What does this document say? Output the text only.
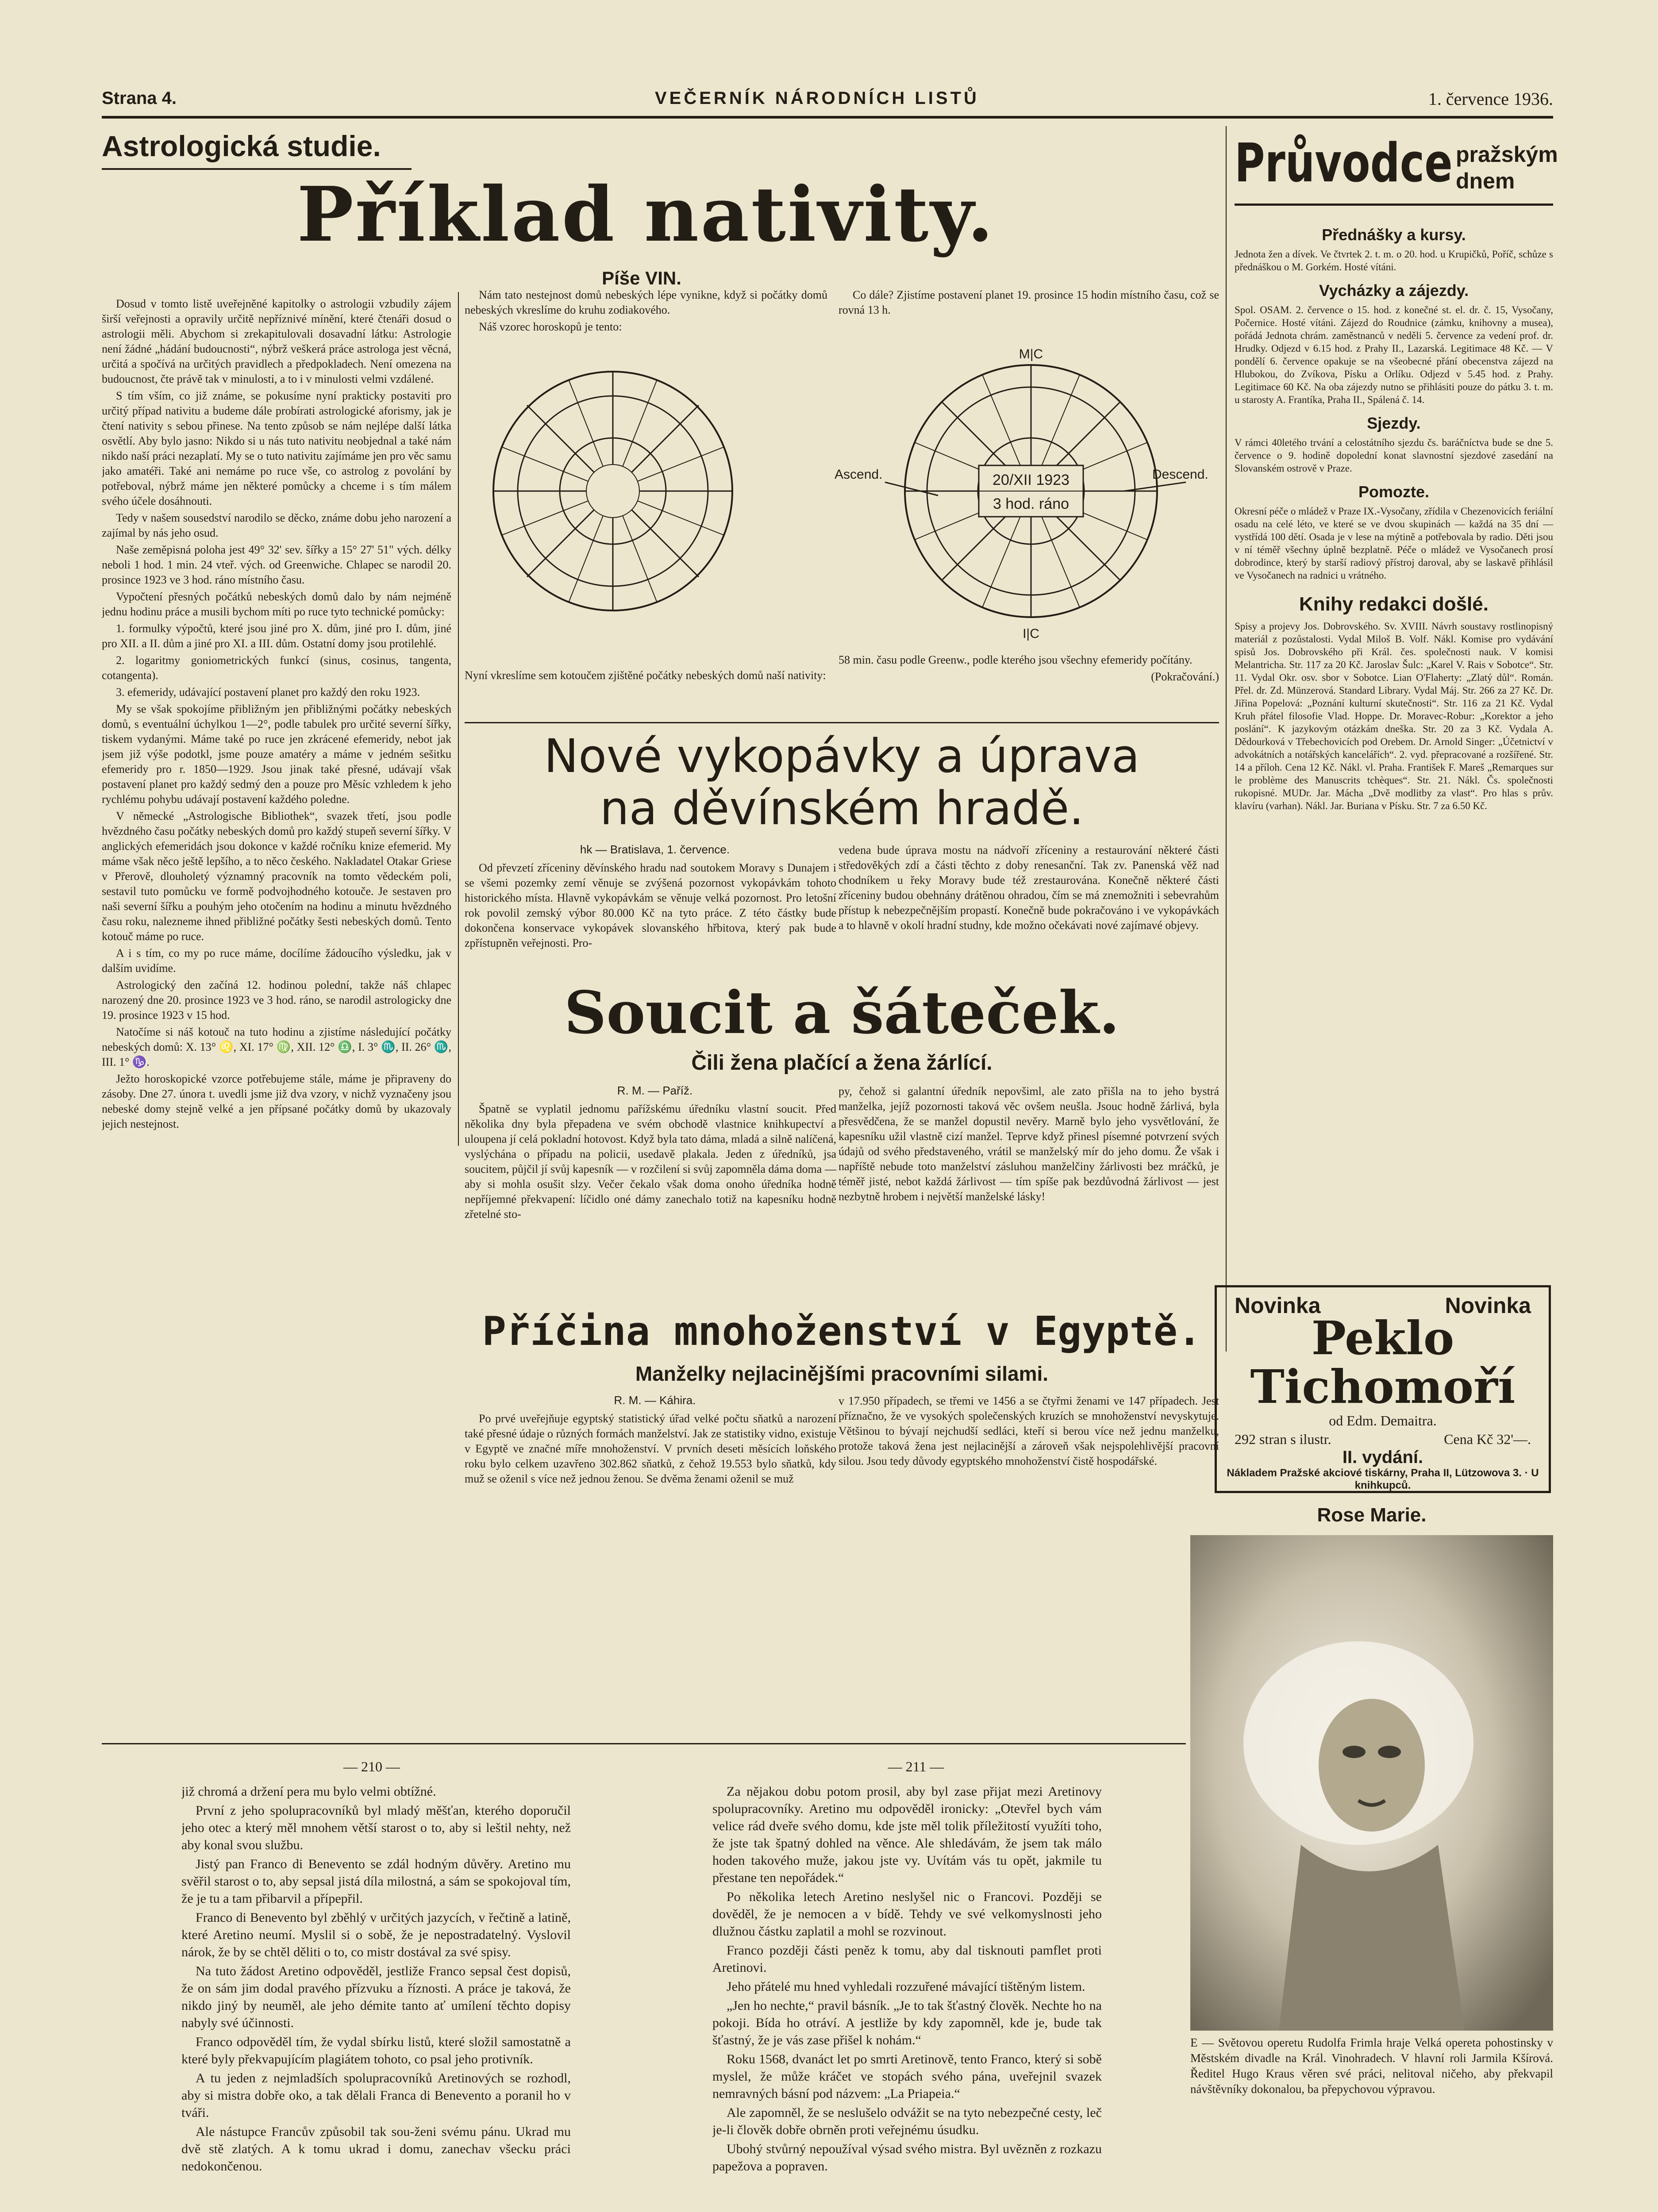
Strana 4.	VEČERNÍK NÁRODNÍCH LISTŮ	1. července 1936.
Astrologická studie.
Příklad nativity.
Píše VIN.

Dosud v tomto listě uveřejněné kapitolky o astrologii vzbudily zájem širší veřejnosti a opravily určitě nepříznivé mínění, které čtenáři dosud o astrologii měli. Abychom si zrekapitulovali dosavadní látku: Astrologie není žádné „hádání budoucnosti“, nýbrž veškerá práce astrologa jest věcná, určitá a spočívá na určitých pravidlech a předpokladech. Není omezena na budoucnost, čte právě tak v minulosti, a to i v minulosti velmi vzdálené.

S tím vším, co již známe, se pokusíme nyní prakticky postaviti pro určitý případ nativitu a budeme dále probírati astrologické aforismy, jak je čtení nativity s sebou přinese. Na tento způsob se nám nejlépe další látka osvětlí. Aby bylo jasno: Nikdo si u nás tuto nativitu neobjednal a také nám nikdo naší práci nezaplatí. My se o tuto nativitu zajímáme jen pro věc samu jako amatéři. Také ani nemáme po ruce vše, co astrolog z povolání by potřeboval, nýbrž máme jen některé pomůcky a chceme i s tím málem svého účele dosáhnouti.

Tedy v našem sousedství narodilo se děcko, známe dobu jeho narození a zajímal by nás jeho osud.

Naše zeměpisná poloha jest 49° 32' sev. šířky a 15° 27' 51" vých. délky neboli 1 hod. 1 min. 24 vteř. vých. od Greenwiche. Chlapec se narodil 20. prosince 1923 ve 3 hod. ráno místního času.

Vypočtení přesných počátků nebeských domů dalo by nám nejméně jednu hodinu práce a musili bychom míti po ruce tyto technické pomůcky:

1. formulky výpočtů, které jsou jiné pro X. dům, jiné pro I. dům, jiné pro XII. a II. dům a jiné pro XI. a III. dům. Ostatní domy jsou protilehlé.

2. logaritmy goniometrických funkcí (sinus, cosinus, tangenta, cotangenta).

3. efemeridy, udávající postavení planet pro každý den roku 1923.

My se však spokojíme přibližným jen přibližnými počátky nebeských domů, s eventuální úchylkou 1—2°, podle tabulek pro určité severní šířky, tiskem vydanými. Máme také po ruce jen zkrácené efemeridy, nebot jak jsem již výše podotkl, jsme pouze amatéry a máme v jedném sešitku efemeridy pro r. 1850—1929. Jsou jinak také přesné, udávají však postavení planet pro každý sedmý den a pouze pro Měsíc vzhledem k jeho rychlému pohybu udávají postavení každého poledne.

V německé „Astrologische Bibliothek“, svazek třetí, jsou podle hvězdného času počátky nebeských domů pro každý stupeň severní šířky. V anglických efemeridách jsou dokonce v každé ročníku knize efemerid. My máme však něco ještě lepšího, a to něco českého. Nakladatel Otakar Griese v Přerově, dlouholetý významný pracovník na tomto vědeckém poli, sestavil tuto pomůcku ve formě podvojhodného kotouče. Je sestaven pro naši severní šířku a pouhým jeho otočením na hodinu a minutu hvězdného času roku, nalezneme ihned přibližné počátky šesti nebeských domů. Tento kotouč máme po ruce.

A i s tím, co my po ruce máme, docílíme žádoucího výsledku, jak v dalším uvidíme.

Astrologický den začíná 12. hodinou polední, takže náš chlapec narozený dne 20. prosince 1923 ve 3 hod. ráno, se narodil astrologicky dne 19. prosince 1923 v 15 hod.

Natočíme si náš kotouč na tuto hodinu a zjistíme následující počátky nebeských domů: X. 13° ♌, XI. 17° ♍, XII. 12° ♎, I. 3° ♏, II. 26° ♏, III. 1° ♑.

Ježto horoskopické vzorce potřebujeme stále, máme je připraveny do zásoby. Dne 27. února t. uvedli jsme již dva vzory, v nichž vyznačeny jsou nebeské domy stejně velké a jen přípsané počátky domů by ukazovaly jejich nestejnost.

Nám tato nestejnost domů nebeských lépe vynikne, když si počátky domů nebeských vkreslíme do kruhu zodiakového.

Náš vzorec horoskopů je tento:

Nyní vkreslíme sem kotoučem zjištěné počátky nebeských domů naší nativity:

Co dále? Zjistíme postavení planet 19. prosince 15 hodin místního času, což se rovná 13 h.

20/XII 1923
3 hod. ráno
Ascend.	Descend.
M|C
I|C

58 min. času podle Greenw., podle kterého jsou všechny efemeridy počítány.

(Pokračování.)

Nové vykopávky a úprava
na děvínském hradě.
hk — Bratislava, 1. července.

Od převzetí zříceniny děvínského hradu nad soutokem Moravy s Dunajem i se všemi pozemky zemí věnuje se zvýšená pozornost vykopávkám tohoto historického místa. Hlavně vykopávkám se věnuje velká pozornost. Pro letošní rok povolil zemský výbor 80.000 Kč na tyto práce. Z této částky bude dokončena konservace vykopávek slovanského hřbitova, který pak bude zpřístupněn veřejnosti. Pro-

vedena bude úprava mostu na nádvoří zříceniny a restaurování některé části středověkých zdí a části těchto z doby renesanční. Tak zv. Panenská věž nad chodníkem u řeky Moravy bude též zrestaurována. Konečně některé části zříceniny budou obehnány drátěnou ohradou, čím se má znemožniti i sebevrahům přístup k nebezpečnějším propastí. Konečně bude pokračováno i ve vykopávkách a to hlavně v okolí hradní studny, kde možno očekávati nové zajímavé objevy.

Soucit a šáteček.
Čili žena plačící a žena žárlící.
R. M. — Paříž.

Špatně se vyplatil jednomu pařížskému úředníku vlastní soucit. Před několika dny byla přepadena ve svém obchodě vlastnice knihkupectví a uloupena jí celá pokladní hotovost. Když byla tato dáma, mladá a silně nalíčená, vyslýchána o případu na policii, usedavě plakala. Jeden z úředníků, jsa soucitem, půjčil jí svůj kapesník — v rozčilení si svůj zapomněla dáma doma — aby si mohla osušit slzy. Večer čekalo však doma onoho úředníka hodně nepříjemné překvapení: líčidlo oné dámy zanechalo totiž na kapesníku hodně zřetelné sto-

py, čehož si galantní úředník nepovšiml, ale zato přišla na to jeho bystrá manželka, jejíž pozornosti taková věc ovšem neušla. Jsouc hodně žárlivá, byla přesvědčena, že se manžel dopustil nevěry. Marně bylo jeho vysvětlování, že kapesníku užil vlastně cizí manžel. Teprve když přinesl písemné potvrzení svých údajů od svého představeného, vrátil se manželský mír do jeho domu. Že však i napříště nebude toto manželství zásluhou manželčiny žárlivosti bez mráčků, je téměř jisté, nebot každá žárlivost — tím spíše pak bezdůvodná žárlivost — jest nezbytně hrobem i největší manželské lásky!

Příčina mnohoženství v Egyptě.
Manželky nejlacinějšími pracovními silami.
R. M. — Káhira.

Po prvé uveřejňuje egyptský statistický úřad velké počtu sňatků a narození také přesné údaje o různých formách manželství. Jak ze statistiky vidno, existuje v Egyptě ve značné míře mnohoženství. V prvních deseti měsících loňského roku bylo celkem uzavřeno 302.862 sňatků, z čehož 19.553 bylo sňatků, kdy muž se oženil s více než jednou ženou. Se dvěma ženami oženil se muž

v 17.950 případech, se třemi ve 1456 a se čtyřmi ženami ve 147 případech. Jest příznačno, že ve vysokých společenských kruzích se mnohoženství nevyskytuje. Většinou to bývají nejchudší sedláci, kteří si berou více než jednu manželku, protože taková žena jest nejlacinější a zároveň však nejspolehlivější pracovní silou. Jsou tedy důvody egyptského mnohoženství čistě hospodářské.

Průvodce pražským
dnem
Přednášky a kursy.
Jednota žen a dívek. Ve čtvrtek 2. t. m. o 20. hod. u Krupičků, Poříč, schůze s přednáškou o M. Gorkém. Hosté vítáni.
Vycházky a zájezdy.
Spol. OSAM. 2. července o 15. hod. z konečné st. el. dr. č. 15, Vysočany, Počernice. Hosté vítáni. Zájezd do Roudnice (zámku, knihovny a musea), pořádá Jednota chrám. zaměstnanců v neděli 5. července za vedení prof. dr. Hrudky. Odjezd v 6.15 hod. z Prahy II., Lazarská. Legitimace 48 Kč. — V pondělí 6. července opakuje se na všeobecné přání obecenstva zájezd na Hlubokou, do Zvíkova, Písku a Orlíku. Odjezd v 5.45 hod. z Prahy. Legitimace 60 Kč. Na oba zájezdy nutno se přihlásiti pouze do pátku 3. t. m. u starosty A. Frantíka, Praha II., Spálená č. 14.
Sjezdy.
V rámci 40letého trvání a celostátního sjezdu čs. baráčníctva bude se dne 5. července o 9. hodině dopolední konat slavnostní sjezdové zasedání na Slovanském ostrově v Praze.
Pomozte.
Okresní péče o mládež v Praze IX.-Vysočany, zřídila v Chezenovicích feriální osadu na celé léto, ve které se ve dvou skupinách — každá na 35 dní — vystřídá 100 dětí. Osada je v lese na mýtině a potřebovala by radio. Děti jsou v ní téměř všechny úplně bezplatně. Péče o mládež ve Vysočanech prosí dobrodince, který by starší radiový přístroj daroval, aby se laskavě přihlásil ve Vysočanech na radnici u vrátného.
Knihy redakci došlé.
Spisy a projevy Jos. Dobrovského. Sv. XVIII. Návrh soustavy rostlinopisný materiál z pozůstalosti. Vydal Miloš B. Volf. Nákl. Komise pro vydávání spisů Jos. Dobrovského při Král. čes. společnosti nauk. V komisi Melantricha. Str. 117 za 20 Kč. Jaroslav Šulc: „Karel V. Rais v Sobotce“. Str. 11. Vydal Okr. osv. sbor v Sobotce. Lian O'Flaherty: „Zlatý důl“. Román. Přel. dr. Zd. Münzerová. Standard Library. Vydal Máj. Str. 266 za 27 Kč. Dr. Jiřina Popelová: „Poznání kulturní skutečnosti“. Str. 116 za 21 Kč. Vydal Kruh přátel filosofie Vlad. Hoppe. Dr. Moravec-Robur: „Korektor a jeho poslání“. K jazykovým otázkám dneška. Str. 20 za 3 Kč. Vydala A. Dědourková v Třebechovicích pod Orebem. Dr. Arnold Singer: „Účetnictví v advokátních a notářských kancelářích“. 2. vyd. přepracované a rozšířené. Str. 14 a příloh. Cena 12 Kč. Nákl. vl. Praha. František F. Mareš „Remarques sur le problème des Manuscrits tchèques“. Str. 21. Nákl. Čs. společnosti rukopisné. MUDr. Jar. Mácha „Dvě modlitby za vlast“. Pro hlas s prův. klavíru (varhan). Nákl. Jar. Buriana v Písku. Str. 7 za 6.50 Kč.
Novinka	Novinka
Peklo
Tichomoří
od Edm. Demaitra.
292 stran s ilustr.	Cena Kč 32'—.
II. vydání.
Nákladem Pražské akciové tiskárny, Praha II, Lützowova 3. · U knihkupců.
Rose Marie.

E — Světovou operetu Rudolfa Frimla hraje Velká opereta pohostinsky v Městském divadle na Král. Vinohradech. V hlavní roli Jarmila Kšírová. Ředitel Hugo Kraus věren své práci, nelitoval ničeho, aby překvapil návštěvníky dokonalou, ba přepychovou výpravou.

— 210 —	— 211 —

již chromá a držení pera mu bylo velmi obtížné.

První z jeho spolupracovníků byl mladý měšťan, kterého doporučil jeho otec a který měl mnohem větší starost o to, aby si leštil nehty, než aby konal svou službu.

Jistý pan Franco di Benevento se zdál hodným důvěry. Aretino mu svěřil starost o to, aby sepsal jistá díla milostná, a sám se spokojoval tím, že je tu a tam přibarvil a přípepřil.

Franco di Benevento byl zběhlý v určitých jazycích, v řečtině a latině, které Aretino neumí. Myslil si o sobě, že je nepostradatelný. Vyslovil nárok, že by se chtěl děliti o to, co mistr dostával za své spisy.

Na tuto žádost Aretino odpověděl, jestliže Franco sepsal čest dopisů, že on sám jim dodal pravého přízvuku a říznosti. A práce je taková, že nikdo jiný by neuměl, ale jeho démite tanto ať umílení těchto dopisy nabyly své účinnosti.

Franco odpověděl tím, že vydal sbírku listů, které složil samostatně a které byly překvapujícím plagiátem tohoto, co psal jeho protivník.

A tu jeden z nejmladších spolupracovníků Aretinových se rozhodl, aby si mistra dobře oko, a tak dělali Franca di Benevento a poranil ho v tváři.

Ale nástupce Francův způsobil tak sou-ženi svému pánu. Ukrad mu dvě stě zlatých. A k tomu ukrad i domu, zanechav všecku práci nedokončenou.

Za nějakou dobu potom prosil, aby byl zase přijat mezi Aretinovy spolupracovníky. Aretino mu odpověděl ironicky: „Otevřel bych vám velice rád dveře svého domu, kde jste měl tolik příležitostí využíti toho, že jste tak špatný dohled na věnce. Ale shledávám, že jsem tak málo hoden takového muže, jakou jste vy. Uvítám vás tu opět, jakmile tu přestane ten nepořádek.“

Po několika letech Aretino neslyšel nic o Francovi. Později se dověděl, že je nemocen a v bídě. Tehdy ve své velkomyslnosti jeho dlužnou částku zaplatil a mohl se rozvinout.

Franco později části peněz k tomu, aby dal tisknouti pamflet proti Aretinovi.

Jeho přátelé mu hned vyhledali rozzuřené mávající tištěným listem.

„Jen ho nechte,“ pravil básník. „Je to tak šťastný člověk. Nechte ho na pokoji. Bída ho otráví. A jestliže by kdy zapomněl, kde je, bude tak šťastný, že je vás zase přišel k nohám.“

Roku 1568, dvanáct let po smrti Aretinově, tento Franco, který si sobě myslel, že může kráčet ve stopách svého pána, uveřejnil svazek nemravných básní pod názvem: „La Priapeia.“

Ale zapomněl, že se neslušelo odvážit se na tyto nebezpečné cesty, leč je-li člověk dobře obrněn proti veřejnému úsudku.

Ubohý stvůrný nepoužíval výsad svého mistra. Byl uvězněn z rozkazu papežova a popraven.
